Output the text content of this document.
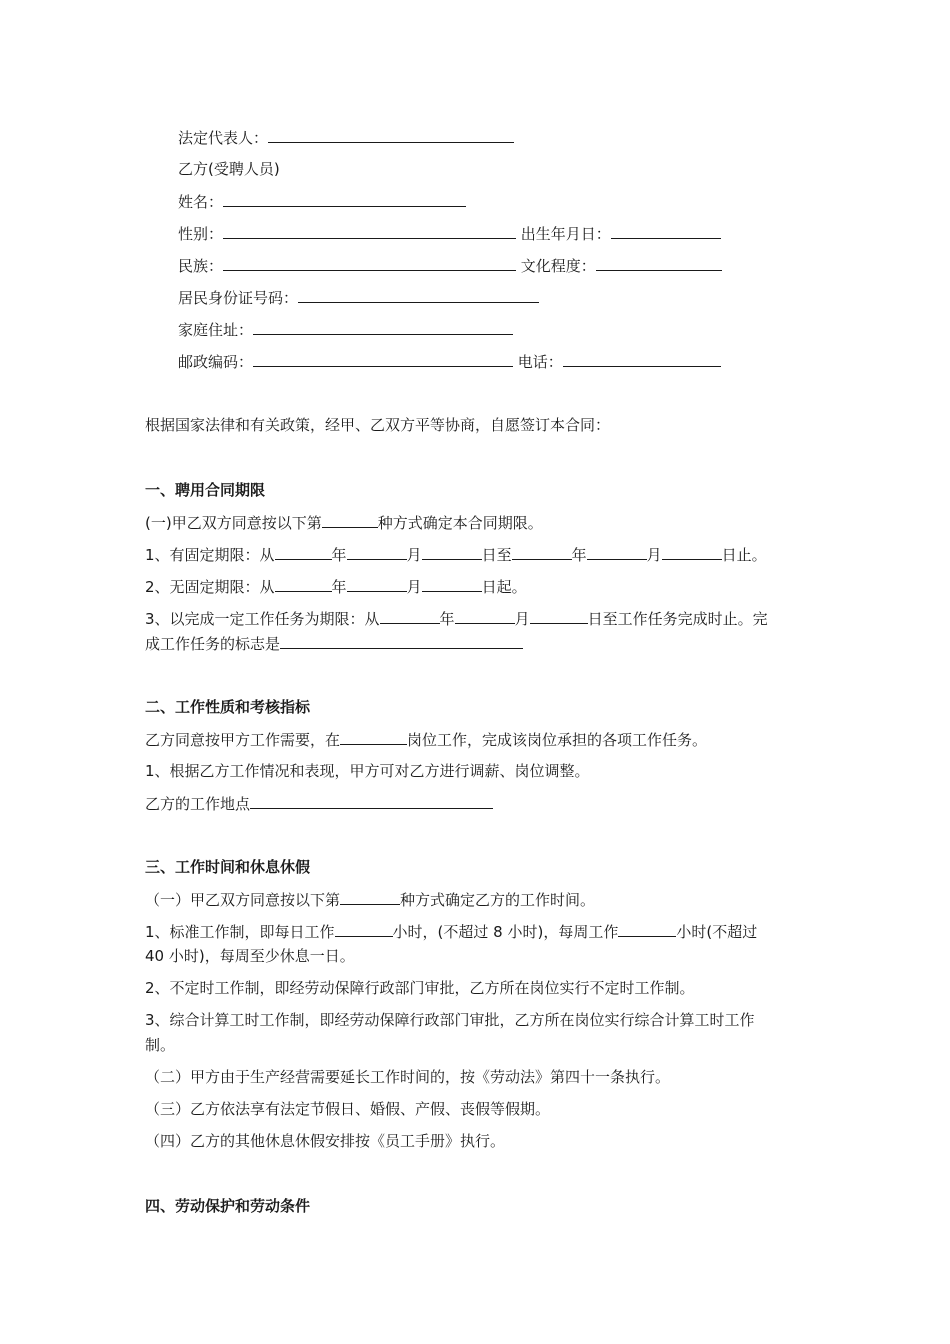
法定代表人：
乙方(受聘人员)
姓名：
性别：	出生年月日：
民族：	文化程度：
居民身份证号码：
家庭住址：
邮政编码：	电话：
根据国家法律和有关政策，经甲、乙双方平等协商，自愿签订本合同：
一、聘用合同期限
(一)甲乙双方同意按以下第	种方式确定本合同期限。
1、有固定期限：从	年	月	日至	年	月	日止。
2、无固定期限：从	年	月	日起。
3、以完成一定工作任务为期限：从	年	月	日至工作任务完成时止。完
成工作任务的标志是
二、工作性质和考核指标
乙方同意按甲方工作需要，在	岗位工作，完成该岗位承担的各项工作任务。
1、根据乙方工作情况和表现，甲方可对乙方进行调薪、岗位调整。
乙方的工作地点
三、工作时间和休息休假
（一）甲乙双方同意按以下第	种方式确定乙方的工作时间。
1、标准工作制，即每日工作	小时，(不超过 8 小时)，每周工作	小时(不超过
40 小时)，每周至少休息一日。
2、不定时工作制，即经劳动保障行政部门审批，乙方所在岗位实行不定时工作制。
3、综合计算工时工作制，即经劳动保障行政部门审批，乙方所在岗位实行综合计算工时工作
制。
（二）甲方由于生产经营需要延长工作时间的，按《劳动法》第四十一条执行。
（三）乙方依法享有法定节假日、婚假、产假、丧假等假期。
（四）乙方的其他休息休假安排按《员工手册》执行。
四、劳动保护和劳动条件
